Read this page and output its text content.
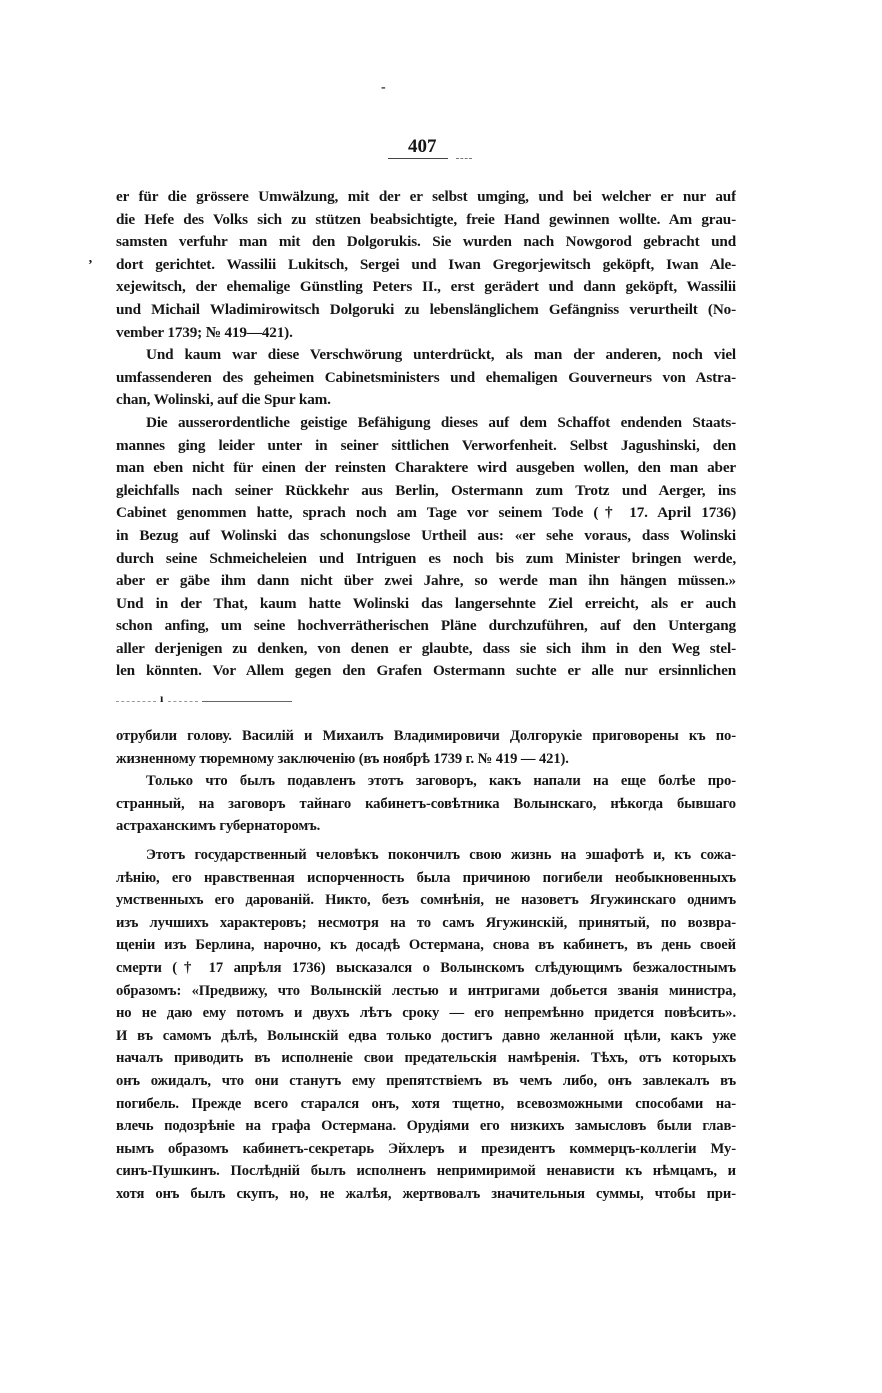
-
407
’

er für die grössere Umwälzung, mit der er selbst umging, und bei welcher er nur auf
die Hefe des Volks sich zu stützen beabsichtigte, freie Hand gewinnen wollte. Am grau-
samsten verfuhr man mit den Dolgorukis. Sie wurden nach Nowgorod gebracht und
dort gerichtet. Wassilii Lukitsch, Sergei und Iwan Gregorjewitsch geköpft, Iwan Ale-
xejewitsch, der ehemalige Günstling Peters II., erst gerädert und dann geköpft, Wassilii
und Michail Wladimirowitsch Dolgoruki zu lebenslänglichem Gefängniss verurtheilt (No-
vember 1739; № 419—421).

Und kaum war diese Verschwörung unterdrückt, als man der anderen, noch viel
umfassenderen des geheimen Cabinetsministers und ehemaligen Gouverneurs von Astra-
chan, Wolinski, auf die Spur kam.

Die ausserordentliche geistige Befähigung dieses auf dem Schaffot endenden Staats-
mannes ging leider unter in seiner sittlichen Verworfenheit. Selbst Jagushinski, den
man eben nicht für einen der reinsten Charaktere wird ausgeben wollen, den man aber
gleichfalls nach seiner Rückkehr aus Berlin, Ostermann zum Trotz und Aerger, ins
Cabinet genommen hatte, sprach noch am Tage vor seinem Tode († 17. April 1736)
in Bezug auf Wolinski das schonungslose Urtheil aus: «er sehe voraus, dass Wolinski
durch seine Schmeicheleien und Intriguen es noch bis zum Minister bringen werde,
aber er gäbe ihm dann nicht über zwei Jahre, so werde man ihn hängen müssen.»
Und in der That, kaum hatte Wolinski das langersehnte Ziel erreicht, als er auch
schon anfing, um seine hochverrätherischen Pläne durchzuführen, auf den Untergang
aller derjenigen zu denken, von denen er glaubte, dass sie sich ihm in den Weg stel-
len könnten. Vor Allem gegen den Grafen Ostermann suchte er alle nur ersinnlichen

ı

отрубили голову. Василій и Михаилъ Владимировичи Долгорукіе приговорены къ по-
жизненному тюремному заключенію (въ ноябрѣ 1739 г. № 419 — 421).

Только что былъ подавленъ этотъ заговоръ, какъ напали на еще болѣе про-
странный, на заговоръ тайнаго кабинетъ-совѣтника Волынскаго, нѣкогда бывшаго
астраханскимъ губернаторомъ.

Этотъ государственный человѣкъ покончилъ свою жизнь на эшафотѣ и, къ сожа-
лѣнію, его нравственная испорченность была причиною погибели необыкновенныхъ
умственныхъ его дарованій. Никто, безъ сомнѣнія, не назоветъ Ягужинскаго однимъ
изъ лучшихъ характеровъ; несмотря на то самъ Ягужинскій, принятый, по возвра-
щеніи изъ Берлина, нарочно, къ досадѣ Остермана, снова въ кабинетъ, въ день своей
смерти († 17 апрѣля 1736) высказался о Волынскомъ слѣдующимъ безжалостнымъ
образомъ: «Предвижу, что Волынскій лестью и интригами добьется званія министра,
но не даю ему потомъ и двухъ лѣтъ сроку — его непремѣнно придется повѣсить».
И въ самомъ дѣлѣ, Волынскій едва только достигъ давно желанной цѣли, какъ уже
началъ приводить въ исполненіе свои предательскія намѣренія. Тѣхъ, отъ которыхъ
онъ ожидалъ, что они станутъ ему препятствіемъ въ чемъ либо, онъ завлекалъ въ
погибель. Прежде всего старался онъ, хотя тщетно, всевозможными способами на-
влечь подозрѣніе на графа Остермана. Орудіями его низкихъ замысловъ были глав-
нымъ образомъ кабинетъ-секретарь Эйхлеръ и президентъ коммерцъ-коллегіи Му-
синъ-Пушкинъ. Послѣдній былъ исполненъ непримиримой ненависти къ нѣмцамъ, и
хотя онъ былъ скупъ, но, не жалѣя, жертвовалъ значительныя суммы, чтобы при-
